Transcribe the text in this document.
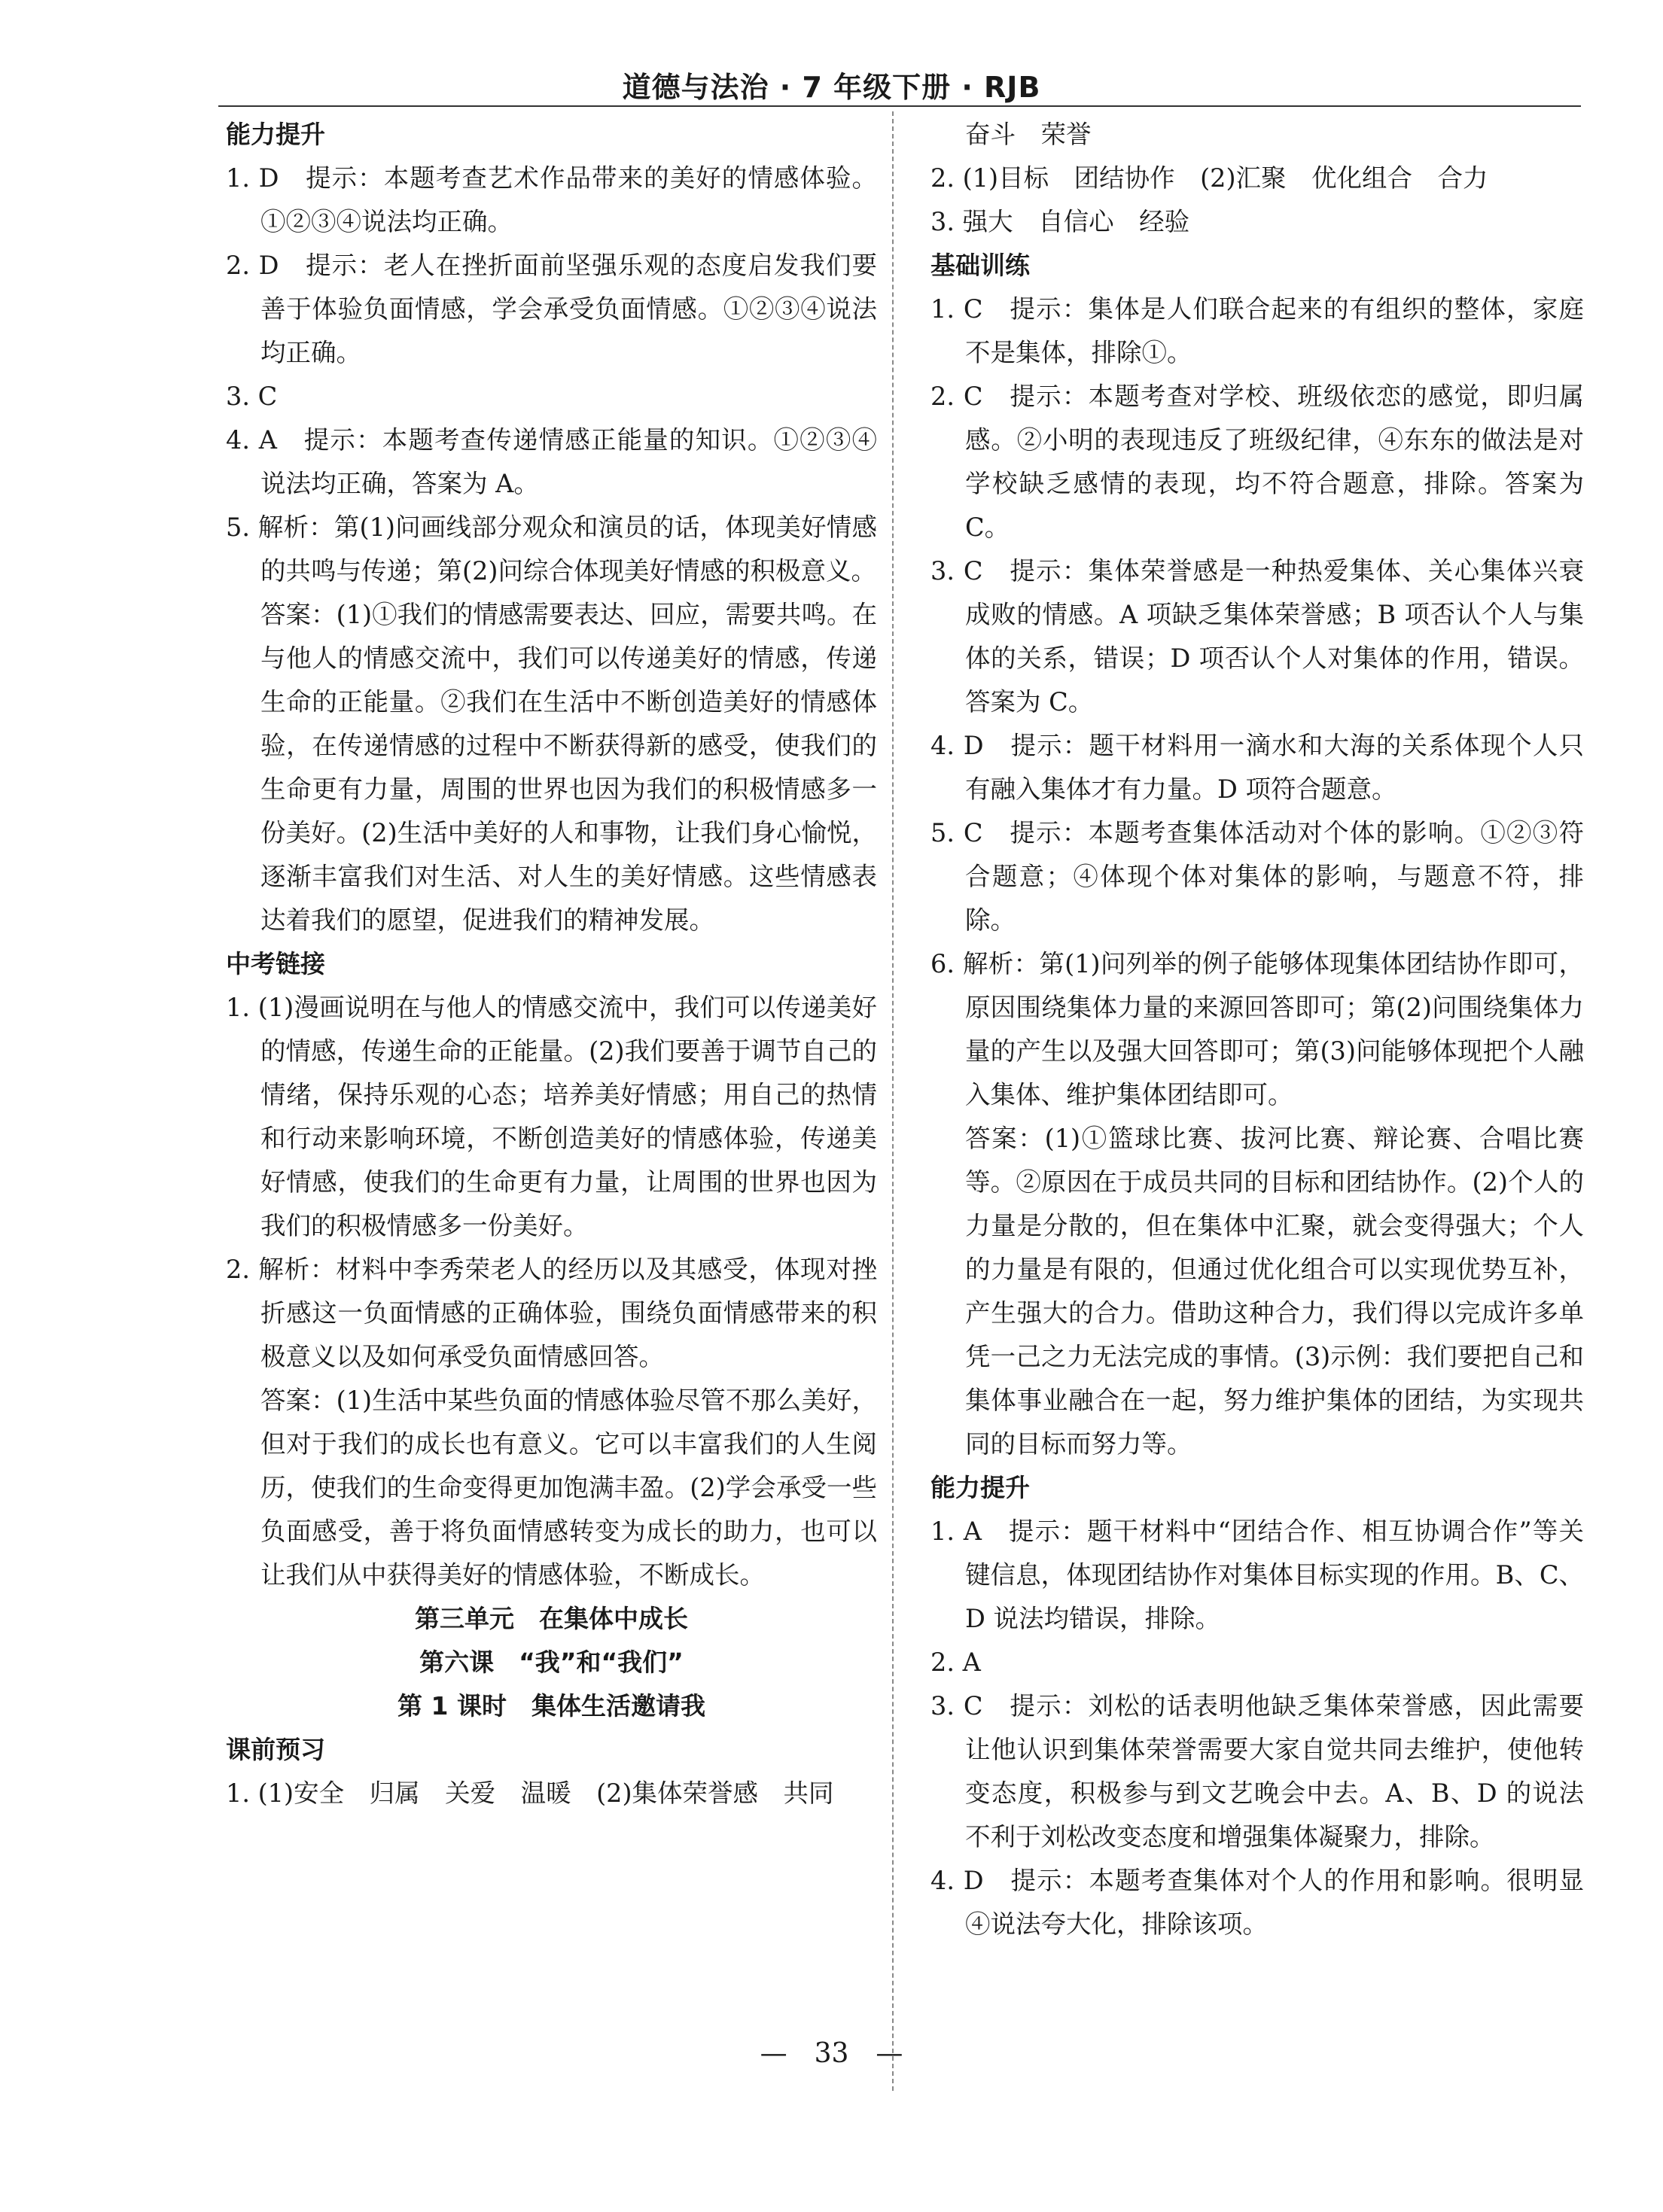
道德与法治 · 7 年级下册 · RJB
能力提升
1. D　提示：本题考查艺术作品带来的美好的情感体验。①②③④说法均正确。
2. D　提示：老人在挫折面前坚强乐观的态度启发我们要善于体验负面情感，学会承受负面情感。①②③④说法均正确。
3. C
4. A　提示：本题考查传递情感正能量的知识。①②③④说法均正确，答案为 A。
5. 解析：第(1)问画线部分观众和演员的话，体现美好情感的共鸣与传递；第(2)问综合体现美好情感的积极意义。
答案：(1)①我们的情感需要表达、回应，需要共鸣。在与他人的情感交流中，我们可以传递美好的情感，传递生命的正能量。②我们在生活中不断创造美好的情感体验，在传递情感的过程中不断获得新的感受，使我们的生命更有力量，周围的世界也因为我们的积极情感多一份美好。(2)生活中美好的人和事物，让我们身心愉悦，逐渐丰富我们对生活、对人生的美好情感。这些情感表达着我们的愿望，促进我们的精神发展。
中考链接
1. (1)漫画说明在与他人的情感交流中，我们可以传递美好的情感，传递生命的正能量。(2)我们要善于调节自己的情绪，保持乐观的心态；培养美好情感；用自己的热情和行动来影响环境，不断创造美好的情感体验，传递美好情感，使我们的生命更有力量，让周围的世界也因为我们的积极情感多一份美好。
2. 解析：材料中李秀荣老人的经历以及其感受，体现对挫折感这一负面情感的正确体验，围绕负面情感带来的积极意义以及如何承受负面情感回答。
答案：(1)生活中某些负面的情感体验尽管不那么美好，但对于我们的成长也有意义。它可以丰富我们的人生阅历，使我们的生命变得更加饱满丰盈。(2)学会承受一些负面感受，善于将负面情感转变为成长的助力，也可以让我们从中获得美好的情感体验，不断成长。
第三单元　在集体中成长
第六课　“我”和“我们”
第 1 课时　集体生活邀请我
课前预习
1. (1)安全　归属　关爱　温暖　(2)集体荣誉感　共同
奋斗　荣誉
2. (1)目标　团结协作　(2)汇聚　优化组合　合力
3. 强大　自信心　经验
基础训练
1. C　提示：集体是人们联合起来的有组织的整体，家庭不是集体，排除①。
2. C　提示：本题考查对学校、班级依恋的感觉，即归属感。②小明的表现违反了班级纪律，④东东的做法是对学校缺乏感情的表现，均不符合题意，排除。答案为 C。
3. C　提示：集体荣誉感是一种热爱集体、关心集体兴衰成败的情感。A 项缺乏集体荣誉感；B 项否认个人与集体的关系，错误；D 项否认个人对集体的作用，错误。答案为 C。
4. D　提示：题干材料用一滴水和大海的关系体现个人只有融入集体才有力量。D 项符合题意。
5. C　提示：本题考查集体活动对个体的影响。①②③符合题意；④体现个体对集体的影响，与题意不符，排除。
6. 解析：第(1)问列举的例子能够体现集体团结协作即可，原因围绕集体力量的来源回答即可；第(2)问围绕集体力量的产生以及强大回答即可；第(3)问能够体现把个人融入集体、维护集体团结即可。
答案：(1)①篮球比赛、拔河比赛、辩论赛、合唱比赛等。②原因在于成员共同的目标和团结协作。(2)个人的力量是分散的，但在集体中汇聚，就会变得强大；个人的力量是有限的，但通过优化组合可以实现优势互补，产生强大的合力。借助这种合力，我们得以完成许多单凭一己之力无法完成的事情。(3)示例：我们要把自己和集体事业融合在一起，努力维护集体的团结，为实现共同的目标而努力等。
能力提升
1. A　提示：题干材料中“团结合作、相互协调合作”等关键信息，体现团结协作对集体目标实现的作用。B、C、D 说法均错误，排除。
2. A
3. C　提示：刘松的话表明他缺乏集体荣誉感，因此需要让他认识到集体荣誉需要大家自觉共同去维护，使他转变态度，积极参与到文艺晚会中去。A、B、D 的说法不利于刘松改变态度和增强集体凝聚力，排除。
4. D　提示：本题考查集体对个人的作用和影响。很明显④说法夸大化，排除该项。
—　33　—
